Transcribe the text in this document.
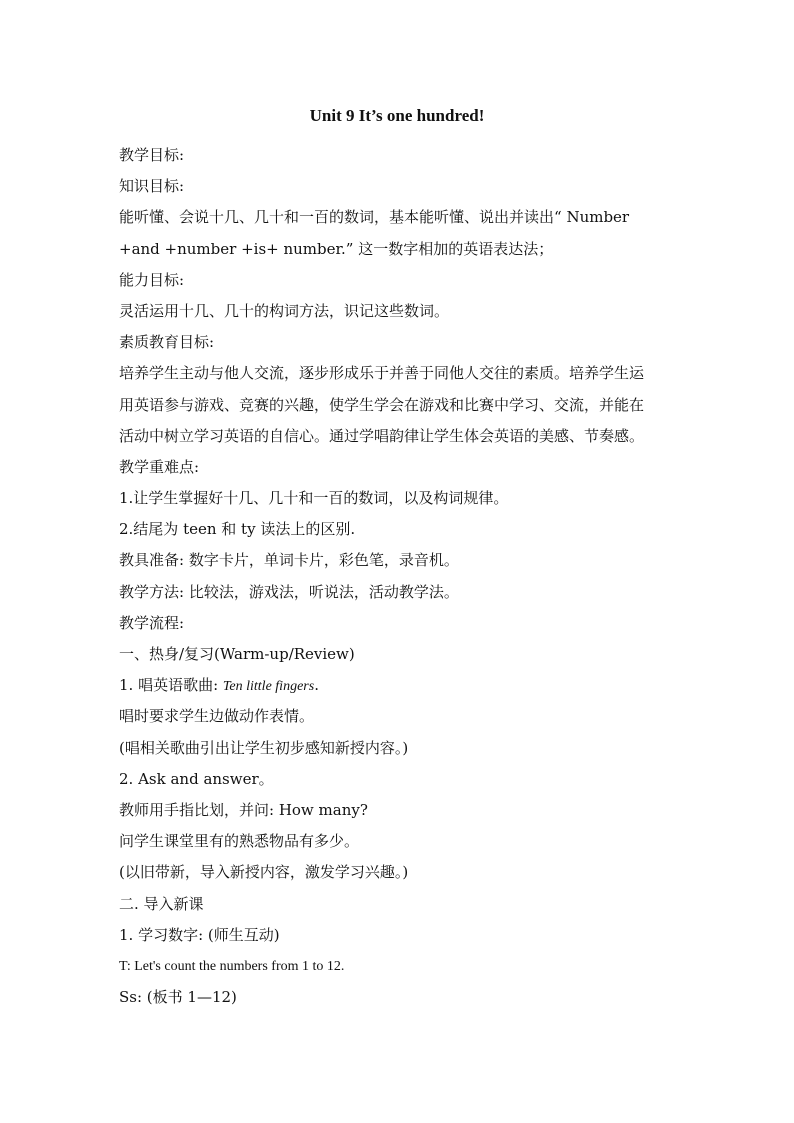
Unit 9 It’s one hundred!
教学目标:
知识目标:
能听懂、会说十几、几十和一百的数词，基本能听懂、说出并读出“ Number
+and +number +is+ number.” 这一数字相加的英语表达法；
能力目标:
灵活运用十几、几十的构词方法，识记这些数词。
素质教育目标:
培养学生主动与他人交流，逐步形成乐于并善于同他人交往的素质。培养学生运
用英语参与游戏、竞赛的兴趣，使学生学会在游戏和比赛中学习、交流，并能在
活动中树立学习英语的自信心。通过学唱韵律让学生体会英语的美感、节奏感。
教学重难点:
1.让学生掌握好十几、几十和一百的数词，以及构词规律。
2.结尾为 teen 和 ty 读法上的区别.
教具准备: 数字卡片，单词卡片，彩色笔，录音机。
教学方法: 比较法，游戏法，听说法，活动教学法。
教学流程:
一、热身/复习(Warm-up/Review)
1. 唱英语歌曲: Ten little fingers.
唱时要求学生边做动作表情。
(唱相关歌曲引出让学生初步感知新授内容。)
2. Ask and answer。
教师用手指比划，并问: How many?
问学生课堂里有的熟悉物品有多少。
(以旧带新，导入新授内容，激发学习兴趣。)
二. 导入新课
1. 学习数字: (师生互动)
T: Let's count the numbers from 1 to 12.
Ss: (板书 1—12)
